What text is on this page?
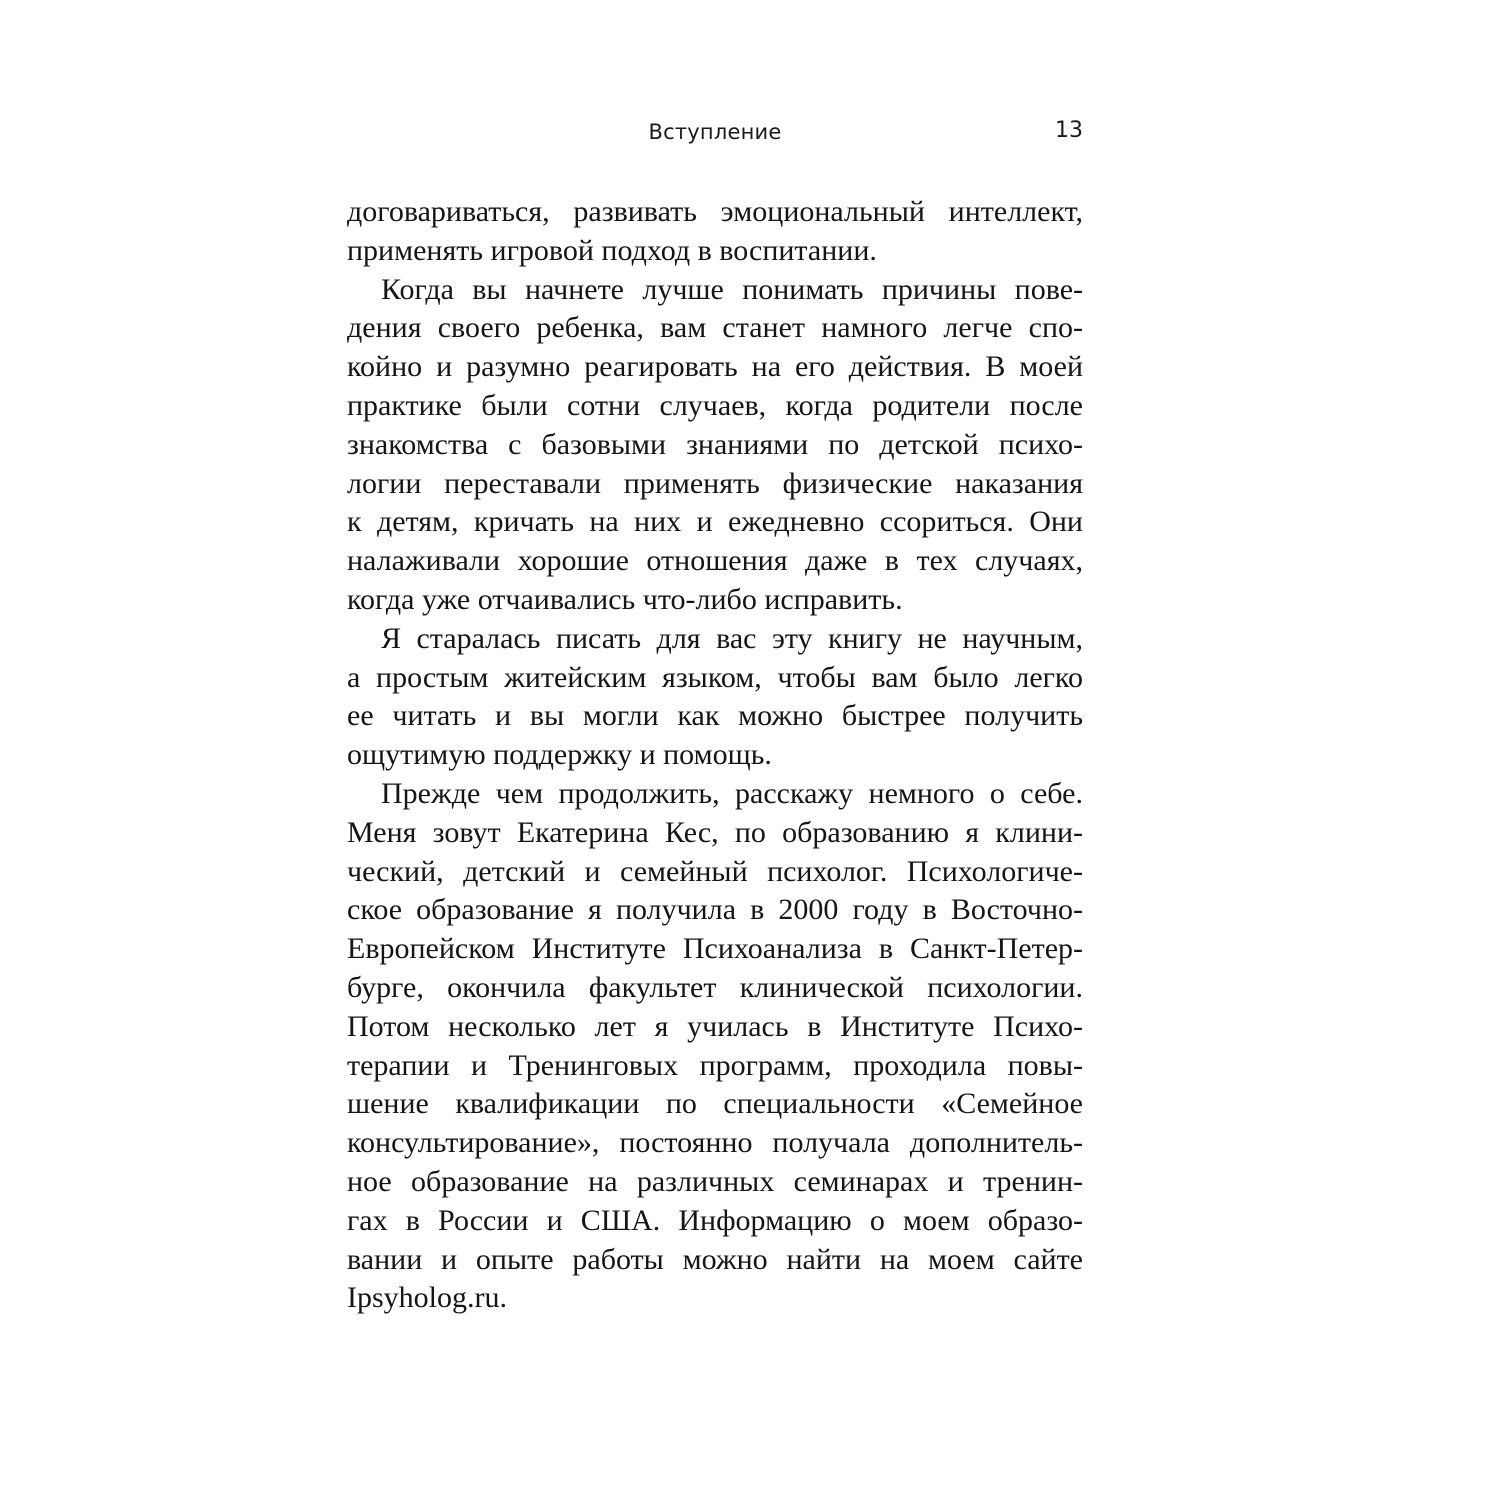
Вступление	13
договариваться, развивать эмоциональный интеллект,
применять игровой подход в воспитании.
Когда вы начнете лучше понимать причины пове-
дения своего ребенка, вам станет намного легче спо-
койно и разумно реагировать на его действия. В моей
практике были сотни случаев, когда родители после
знакомства с базовыми знаниями по детской психо-
логии переставали применять физические наказания
к детям, кричать на них и ежедневно ссориться. Они
налаживали хорошие отношения даже в тех случаях,
когда уже отчаивались что-либо исправить.
Я старалась писать для вас эту книгу не научным,
а простым житейским языком, чтобы вам было легко
ее читать и вы могли как можно быстрее получить
ощутимую поддержку и помощь.
Прежде чем продолжить, расскажу немного о себе.
Меня зовут Екатерина Кес, по образованию я клини-
ческий, детский и семейный психолог. Психологиче-
ское образование я получила в 2000 году в Восточно-
Европейском Институте Психоанализа в Санкт-Петер-
бурге, окончила факультет клинической психологии.
Потом несколько лет я училась в Институте Психо-
терапии и Тренинговых программ, проходила повы-
шение квалификации по специальности «Семейное
консультирование», постоянно получала дополнитель-
ное образование на различных семинарах и тренин-
гах в России и США. Информацию о моем образо-
вании и опыте работы можно найти на моем сайте
Ipsyholog.ru.
